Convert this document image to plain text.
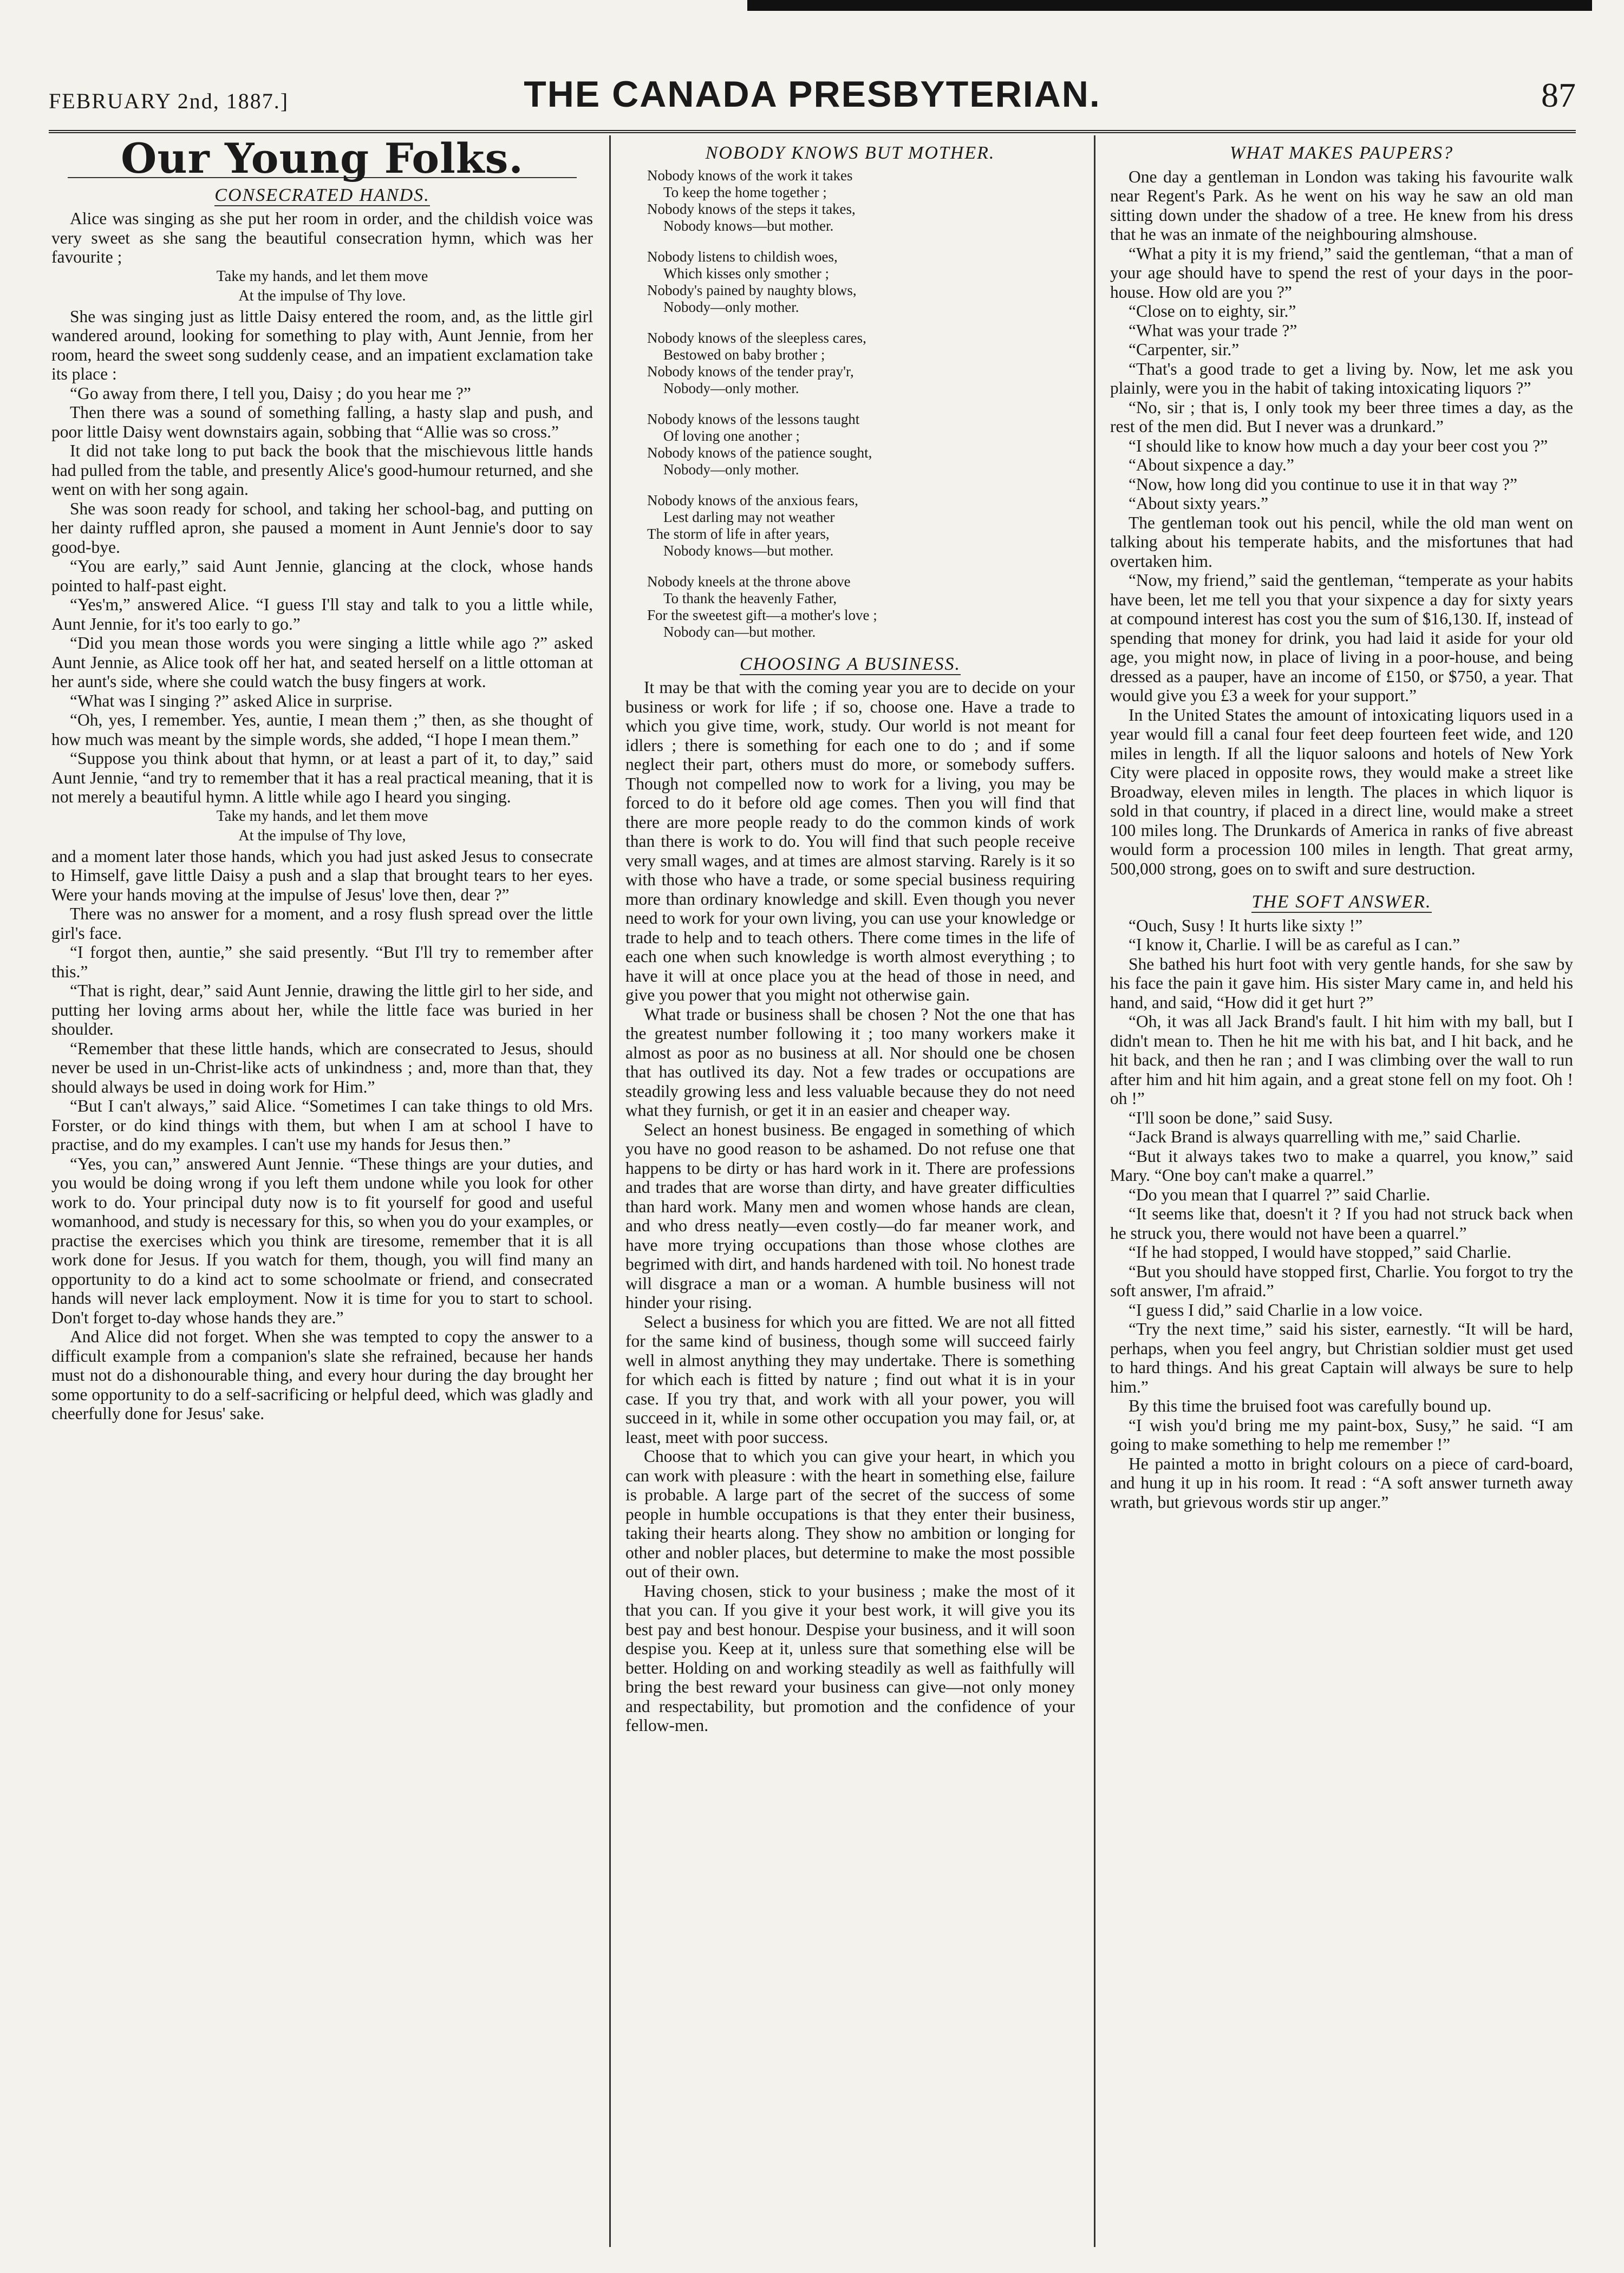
FEBRUARY 2nd, 1887.]	THE CANADA PRESBYTERIAN.	87
Our Young Folks.
CONSECRATED HANDS.

Alice was singing as she put her room in order, and the childish voice was very sweet as she sang the beautiful consecration hymn, which was her favourite ;

Take my hands, and let them move
At the impulse of Thy love.

She was singing just as little Daisy entered the room, and, as the little girl wandered around, looking for something to play with, Aunt Jennie, from her room, heard the sweet song suddenly cease, and an impatient exclamation take its place :

“Go away from there, I tell you, Daisy ; do you hear me ?”

Then there was a sound of something falling, a hasty slap and push, and poor little Daisy went downstairs again, sobbing that “Allie was so cross.”

It did not take long to put back the book that the mischievous little hands had pulled from the table, and presently Alice's good-humour returned, and she went on with her song again.

She was soon ready for school, and taking her school-bag, and putting on her dainty ruffled apron, she paused a moment in Aunt Jennie's door to say good-bye.

“You are early,” said Aunt Jennie, glancing at the clock, whose hands pointed to half-past eight.

“Yes'm,” answered Alice. “I guess I'll stay and talk to you a little while, Aunt Jennie, for it's too early to go.”

“Did you mean those words you were singing a little while ago ?” asked Aunt Jennie, as Alice took off her hat, and seated herself on a little ottoman at her aunt's side, where she could watch the busy fingers at work.

“What was I singing ?” asked Alice in surprise.

“Oh, yes, I remember. Yes, auntie, I mean them ;” then, as she thought of how much was meant by the simple words, she added, “I hope I mean them.”

“Suppose you think about that hymn, or at least a part of it, to day,” said Aunt Jennie, “and try to remember that it has a real practical meaning, that it is not merely a beautiful hymn. A little while ago I heard you singing.

Take my hands, and let them move
At the impulse of Thy love,

and a moment later those hands, which you had just asked Jesus to consecrate to Himself, gave little Daisy a push and a slap that brought tears to her eyes. Were your hands moving at the impulse of Jesus' love then, dear ?”

There was no answer for a moment, and a rosy flush spread over the little girl's face.

“I forgot then, auntie,” she said presently. “But I'll try to remember after this.”

“That is right, dear,” said Aunt Jennie, drawing the little girl to her side, and putting her loving arms about her, while the little face was buried in her shoulder.

“Remember that these little hands, which are consecrated to Jesus, should never be used in un-Christ-like acts of unkindness ; and, more than that, they should always be used in doing work for Him.”

“But I can't always,” said Alice. “Sometimes I can take things to old Mrs. Forster, or do kind things with them, but when I am at school I have to practise, and do my examples. I can't use my hands for Jesus then.”

“Yes, you can,” answered Aunt Jennie. “These things are your duties, and you would be doing wrong if you left them undone while you look for other work to do. Your principal duty now is to fit yourself for good and useful womanhood, and study is necessary for this, so when you do your examples, or practise the exercises which you think are tiresome, remember that it is all work done for Jesus. If you watch for them, though, you will find many an opportunity to do a kind act to some schoolmate or friend, and consecrated hands will never lack employment. Now it is time for you to start to school. Don't forget to-day whose hands they are.”

And Alice did not forget. When she was tempted to copy the answer to a difficult example from a companion's slate she refrained, because her hands must not do a dishonourable thing, and every hour during the day brought her some opportunity to do a self-sacrificing or helpful deed, which was gladly and cheerfully done for Jesus' sake.

NOBODY KNOWS BUT MOTHER.
Nobody knows of the work it takes
To keep the home together ;
Nobody knows of the steps it takes,
Nobody knows—but mother.
Nobody listens to childish woes,
Which kisses only smother ;
Nobody's pained by naughty blows,
Nobody—only mother.
Nobody knows of the sleepless cares,
Bestowed on baby brother ;
Nobody knows of the tender pray'r,
Nobody—only mother.
Nobody knows of the lessons taught
Of loving one another ;
Nobody knows of the patience sought,
Nobody—only mother.
Nobody knows of the anxious fears,
Lest darling may not weather
The storm of life in after years,
Nobody knows—but mother.
Nobody kneels at the throne above
To thank the heavenly Father,
For the sweetest gift—a mother's love ;
Nobody can—but mother.
CHOOSING A BUSINESS.

It may be that with the coming year you are to decide on your business or work for life ; if so, choose one. Have a trade to which you give time, work, study. Our world is not meant for idlers ; there is something for each one to do ; and if some neglect their part, others must do more, or somebody suffers. Though not compelled now to work for a living, you may be forced to do it before old age comes. Then you will find that there are more people ready to do the common kinds of work than there is work to do. You will find that such people receive very small wages, and at times are almost starving. Rarely is it so with those who have a trade, or some special business requiring more than ordinary knowledge and skill. Even though you never need to work for your own living, you can use your knowledge or trade to help and to teach others. There come times in the life of each one when such knowledge is worth almost everything ; to have it will at once place you at the head of those in need, and give you power that you might not otherwise gain.

What trade or business shall be chosen ? Not the one that has the greatest number following it ; too many workers make it almost as poor as no business at all. Nor should one be chosen that has outlived its day. Not a few trades or occupations are steadily growing less and less valuable because they do not need what they furnish, or get it in an easier and cheaper way.

Select an honest business. Be engaged in something of which you have no good reason to be ashamed. Do not refuse one that happens to be dirty or has hard work in it. There are professions and trades that are worse than dirty, and have greater difficulties than hard work. Many men and women whose hands are clean, and who dress neatly—even costly—do far meaner work, and have more trying occupations than those whose clothes are begrimed with dirt, and hands hardened with toil. No honest trade will disgrace a man or a woman. A humble business will not hinder your rising.

Select a business for which you are fitted. We are not all fitted for the same kind of business, though some will succeed fairly well in almost anything they may undertake. There is something for which each is fitted by nature ; find out what it is in your case. If you try that, and work with all your power, you will succeed in it, while in some other occupation you may fail, or, at least, meet with poor success.

Choose that to which you can give your heart, in which you can work with pleasure : with the heart in something else, failure is probable. A large part of the secret of the success of some people in humble occupations is that they enter their business, taking their hearts along. They show no ambition or longing for other and nobler places, but determine to make the most possible out of their own.

Having chosen, stick to your business ; make the most of it that you can. If you give it your best work, it will give you its best pay and best honour. Despise your business, and it will soon despise you. Keep at it, unless sure that something else will be better. Holding on and working steadily as well as faithfully will bring the best reward your business can give—not only money and respectability, but promotion and the confidence of your fellow-men.

WHAT MAKES PAUPERS?

One day a gentleman in London was taking his favourite walk near Regent's Park. As he went on his way he saw an old man sitting down under the shadow of a tree. He knew from his dress that he was an inmate of the neighbouring almshouse.

“What a pity it is my friend,” said the gentleman, “that a man of your age should have to spend the rest of your days in the poor-house. How old are you ?”

“Close on to eighty, sir.”

“What was your trade ?”

“Carpenter, sir.”

“That's a good trade to get a living by. Now, let me ask you plainly, were you in the habit of taking intoxicating liquors ?”

“No, sir ; that is, I only took my beer three times a day, as the rest of the men did. But I never was a drunkard.”

“I should like to know how much a day your beer cost you ?”

“About sixpence a day.”

“Now, how long did you continue to use it in that way ?”

“About sixty years.”

The gentleman took out his pencil, while the old man went on talking about his temperate habits, and the misfortunes that had overtaken him.

“Now, my friend,” said the gentleman, “temperate as your habits have been, let me tell you that your sixpence a day for sixty years at compound interest has cost you the sum of $16,130. If, instead of spending that money for drink, you had laid it aside for your old age, you might now, in place of living in a poor-house, and being dressed as a pauper, have an income of £150, or $750, a year. That would give you £3 a week for your support.”

In the United States the amount of intoxicating liquors used in a year would fill a canal four feet deep fourteen feet wide, and 120 miles in length. If all the liquor saloons and hotels of New York City were placed in opposite rows, they would make a street like Broadway, eleven miles in length. The places in which liquor is sold in that country, if placed in a direct line, would make a street 100 miles long. The Drunkards of America in ranks of five abreast would form a procession 100 miles in length. That great army, 500,000 strong, goes on to swift and sure destruction.

THE SOFT ANSWER.

“Ouch, Susy ! It hurts like sixty !”

“I know it, Charlie. I will be as careful as I can.”

She bathed his hurt foot with very gentle hands, for she saw by his face the pain it gave him. His sister Mary came in, and held his hand, and said, “How did it get hurt ?”

“Oh, it was all Jack Brand's fault. I hit him with my ball, but I didn't mean to. Then he hit me with his bat, and I hit back, and he hit back, and then he ran ; and I was climbing over the wall to run after him and hit him again, and a great stone fell on my foot. Oh ! oh !”

“I'll soon be done,” said Susy.

“Jack Brand is always quarrelling with me,” said Charlie.

“But it always takes two to make a quarrel, you know,” said Mary. “One boy can't make a quarrel.”

“Do you mean that I quarrel ?” said Charlie.

“It seems like that, doesn't it ? If you had not struck back when he struck you, there would not have been a quarrel.”

“If he had stopped, I would have stopped,” said Charlie.

“But you should have stopped first, Charlie. You forgot to try the soft answer, I'm afraid.”

“I guess I did,” said Charlie in a low voice.

“Try the next time,” said his sister, earnestly. “It will be hard, perhaps, when you feel angry, but Christian soldier must get used to hard things. And his great Captain will always be sure to help him.”

By this time the bruised foot was carefully bound up.

“I wish you'd bring me my paint-box, Susy,” he said. “I am going to make something to help me remember !”

He painted a motto in bright colours on a piece of card-board, and hung it up in his room. It read : “A soft answer turneth away wrath, but grievous words stir up anger.”
